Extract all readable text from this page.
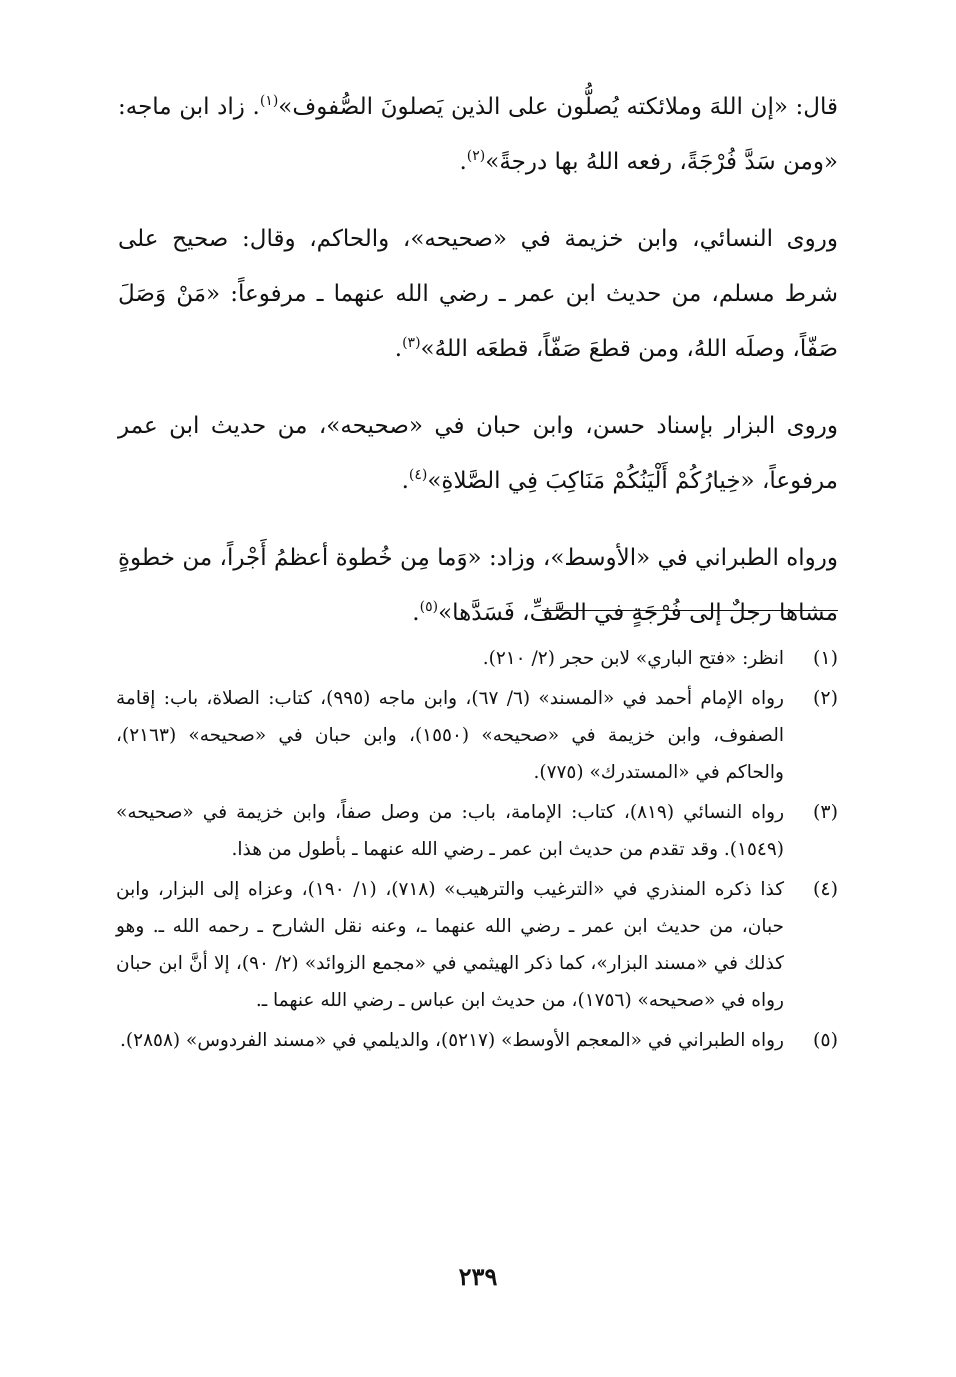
قال: «إن اللهَ وملائكته يُصلُّون على الذين يَصلونَ الصُّفوف»$^{(١)}$. زاد ابن ماجه: «ومن سَدَّ فُرْجَةً، رفعه اللهُ بها درجةً»$^{(٢)}$.

وروى النسائي، وابن خزيمة في «صحيحه»، والحاكم، وقال: صحيح على شرط مسلم، من حديث ابن عمر ـ رضي الله عنهما ـ مرفوعاً: «مَنْ وَصَلَ صَفّاً، وصلَه اللهُ، ومن قطعَ صَفّاً، قطعَه اللهُ»$^{(٣)}$.

وروى البزار بإسناد حسن، وابن حبان في «صحيحه»، من حديث ابن عمر مرفوعاً، «خِيارُكُمْ أَلْيَنُكُمْ مَنَاكِبَ فِي الصَّلاةِ»$^{(٤)}$.

ورواه الطبراني في «الأوسط»، وزاد: «وَما مِن خُطوة أعظمُ أَجْراً، من خطوةٍ مشاها رجلٌ إلى فُرْجَةٍ في الصَّفِّ، فَسَدَّها»$^{(٥)}$.

(١)
انظر: «فتح الباري» لابن حجر (٢/ ٢١٠).
(٢)
رواه الإمام أحمد في «المسند» (٦/ ٦٧)، وابن ماجه (٩٩٥)، كتاب: الصلاة، باب: إقامة الصفوف، وابن خزيمة في «صحيحه» (١٥٥٠)، وابن حبان في «صحيحه» (٢١٦٣)، والحاكم في «المستدرك» (٧٧٥).
(٣)
رواه النسائي (٨١٩)، كتاب: الإمامة، باب: من وصل صفاً، وابن خزيمة في «صحيحه» (١٥٤٩). وقد تقدم من حديث ابن عمر ـ رضي الله عنهما ـ بأطول من هذا.
(٤)
كذا ذكره المنذري في «الترغيب والترهيب» (٧١٨)، (١/ ١٩٠)، وعزاه إلى البزار، وابن حبان، من حديث ابن عمر ـ رضي الله عنهما ـ، وعنه نقل الشارح ـ رحمه الله ـ. وهو كذلك في «مسند البزار»، كما ذكر الهيثمي في «مجمع الزوائد» (٢/ ٩٠)، إلا أنَّ ابن حبان رواه في «صحيحه» (١٧٥٦)، من حديث ابن عباس ـ رضي الله عنهما ـ.
(٥)
رواه الطبراني في «المعجم الأوسط» (٥٢١٧)، والديلمي في «مسند الفردوس» (٢٨٥٨).
٢٣٩
